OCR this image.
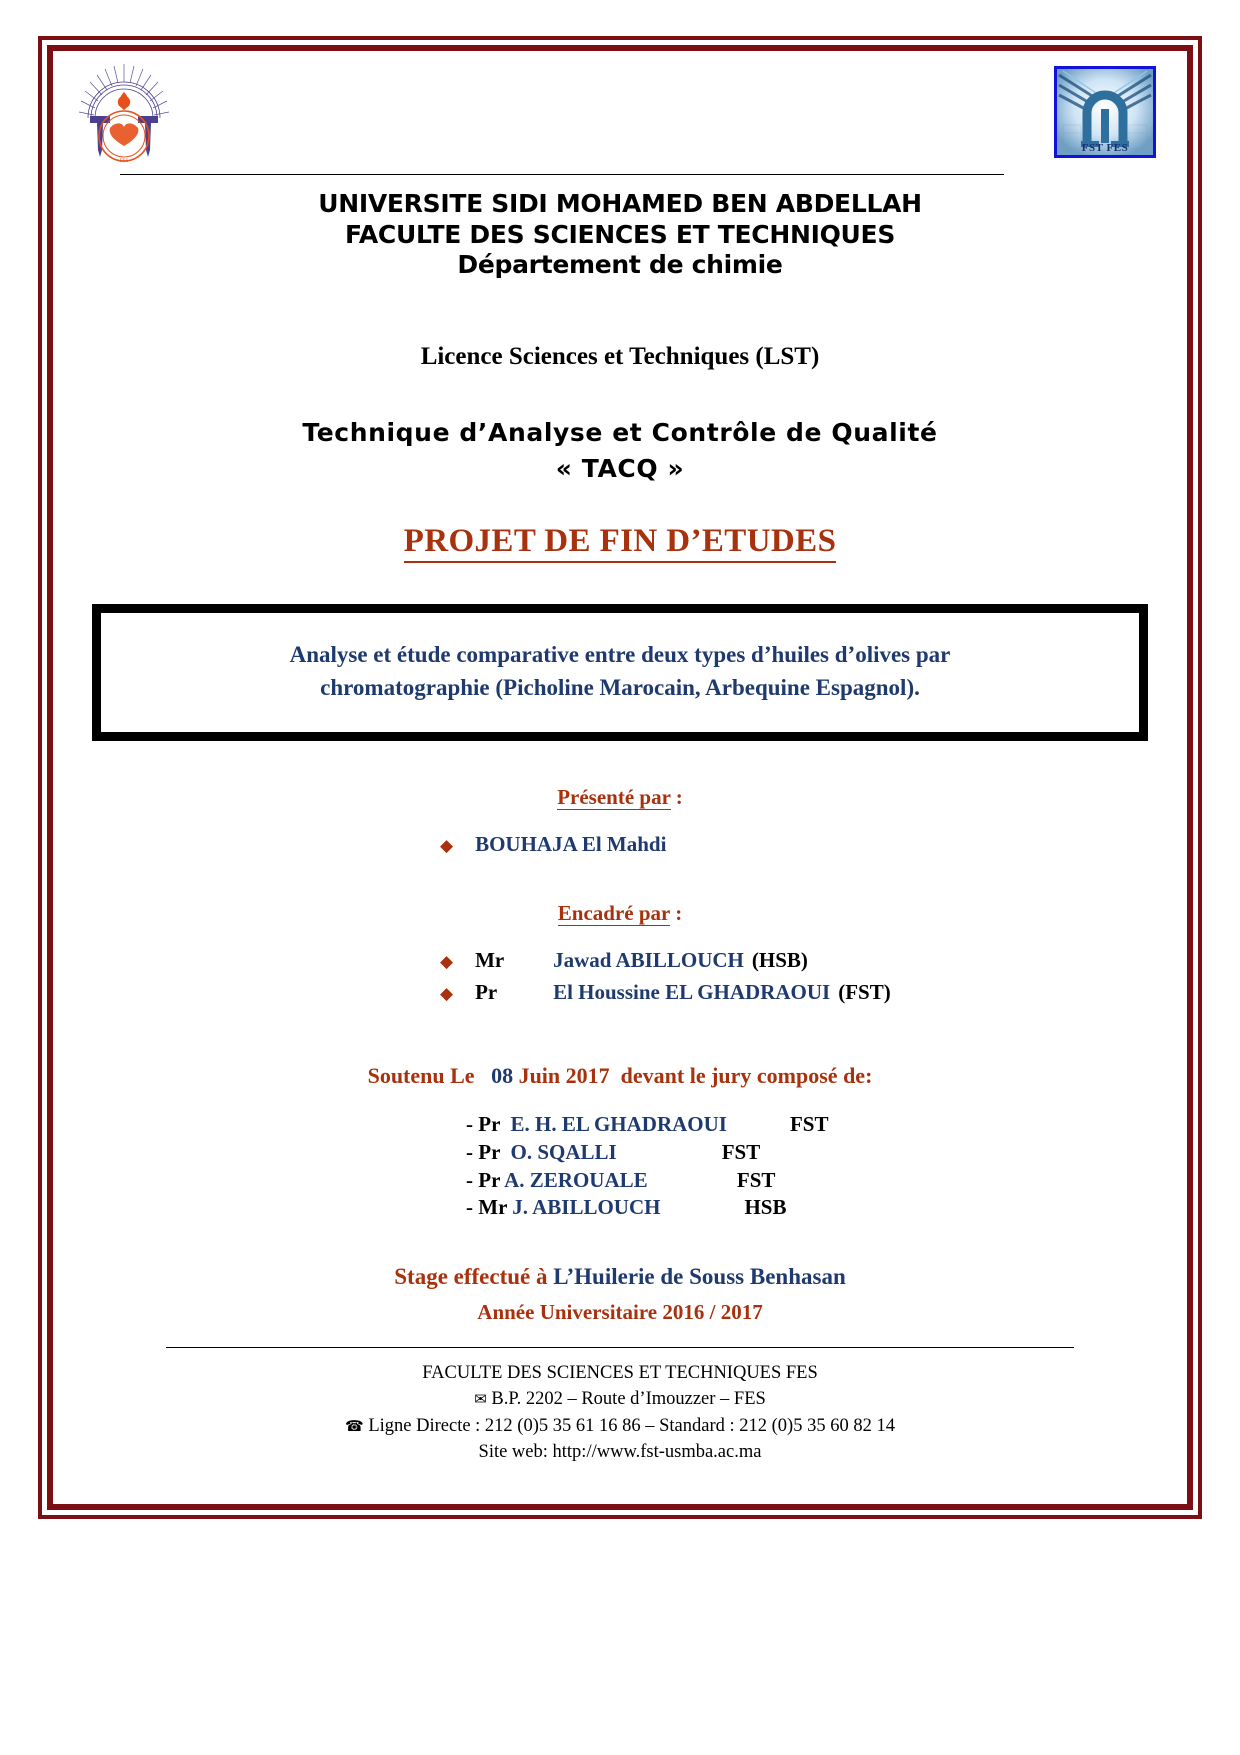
FES
FST FES
UNIVERSITE SIDI MOHAMED BEN ABDELLAH
FACULTE DES SCIENCES ET TECHNIQUES
Département de chimie
Licence Sciences et Techniques (LST)
Technique d’Analyse et Contrôle de Qualité
« TACQ »
PROJET DE FIN D’ETUDES
Analyse et étude comparative entre deux types d’huiles d’olives par
chromatographie (Picholine Marocain, Arbequine Espagnol).
Présenté par :
◆ BOUHAJA El Mahdi
Encadré par :
◆ Mr	Jawad ABILLOUCH (HSB)
◆ Pr	El Houssine EL GHADRAOUI (FST)
Soutenu Le 08 Juin 2017 devant le jury composé de:
- Pr E. H. EL GHADRAOUI	FST
- Pr O. SQALLI	FST
- Pr A. ZEROUALE	FST
- Mr J. ABILLOUCH	HSB
Stage effectué à L’Huilerie de Souss Benhasan
Année Universitaire 2016 / 2017
FACULTE DES SCIENCES ET TECHNIQUES FES
✉ B.P. 2202 – Route d’Imouzzer – FES
☎ Ligne Directe : 212 (0)5 35 61 16 86 – Standard : 212 (0)5 35 60 82 14
Site web: http://www.fst-usmba.ac.ma
